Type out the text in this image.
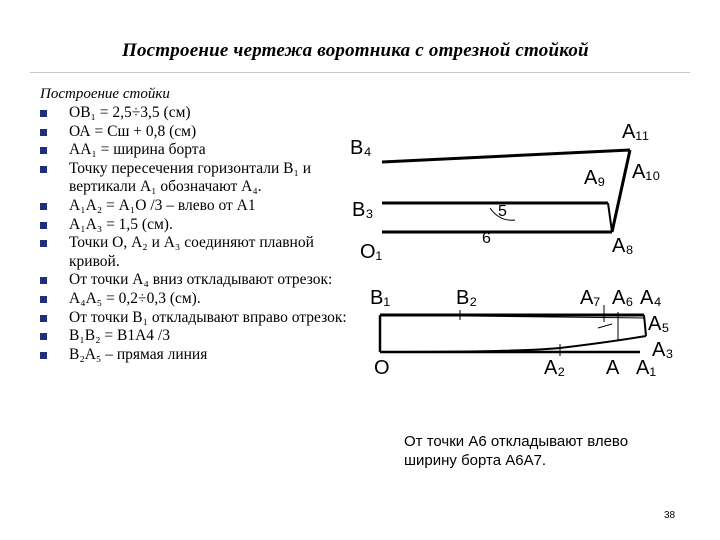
Построение чертежа воротника с отрезной стойкой
Построение стойки
ОВ₁ = 2,5÷3,5 (см)
ОА = Сш + 0,8 (см)
АА₁ = ширина борта
Точку пересечения горизонтали В₁ и вертикали А₁ обозначают А₄.
А₁А₂ = А₁О /3 – влево от А1
А₁А₃ = 1,5 (см).
Точки О, А₂ и А₃ соединяют плавной кривой.
От точки А₄ вниз откладывают отрезок:
А₄А₅ = 0,2÷0,3 (см).
От точки В₁ откладывают вправо отрезок:
В₁В₂ = В1А4 /3
В₂А₅ – прямая линия
В₄
А₁₁
А₉ А₁₀
В₃	5
6
О₁	А₈
В₁	В₂	А₇ А₆ А₄
А₅
А₃
О	А₂ А А₁
От точки А6 откладывают влево ширину борта А6А7.
38
